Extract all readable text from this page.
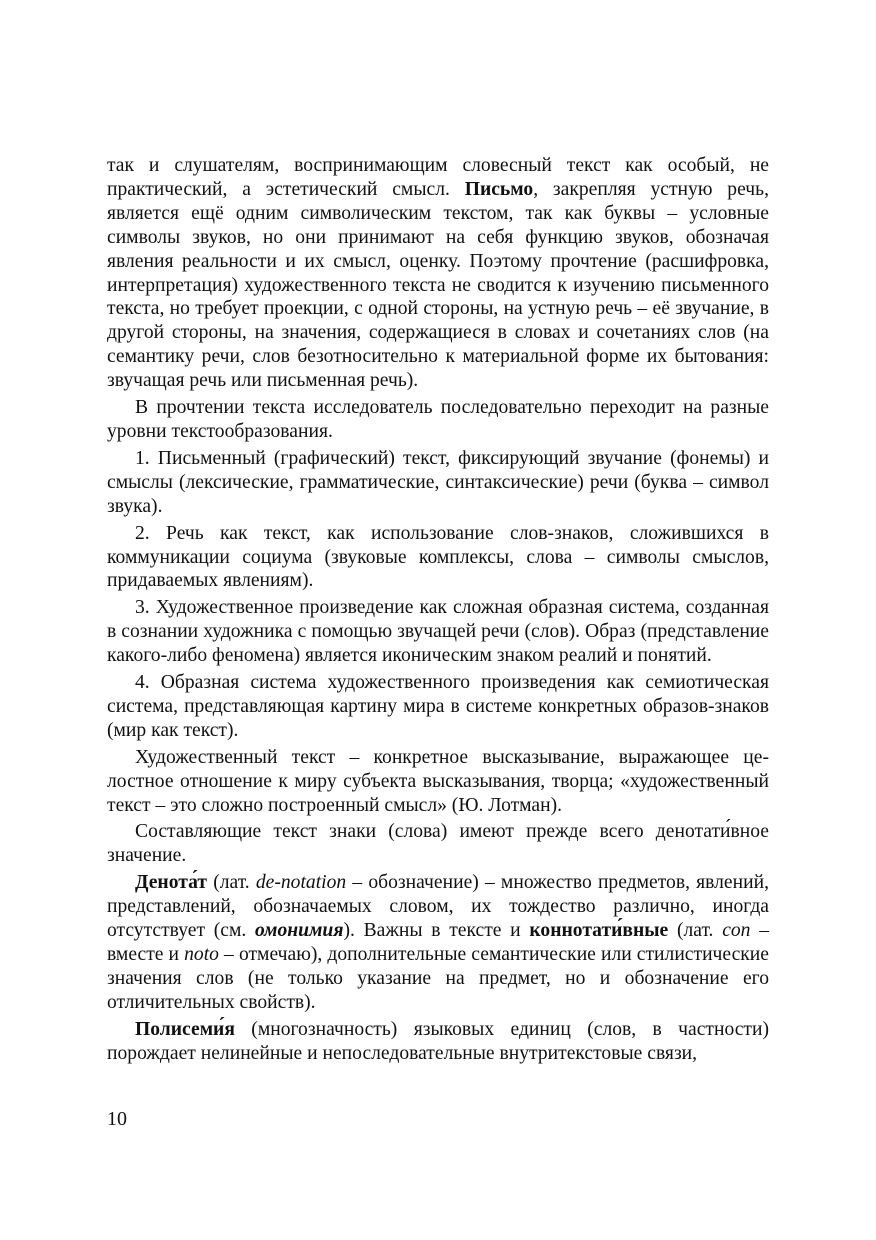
так и слушателям, воспринимающим словесный текст как особый, не практический, а эстетический смысл. Письмо, закрепляя устную речь, является ещё одним символическим текстом, так как буквы – условные символы звуков, но они принимают на себя функцию звуков, обозначая явления реальности и их смысл, оценку. Поэтому прочтение (расшифровка, интерпретация) художественного текста не сводится к изучению письменного текста, но требует проекции, с одной стороны, на устную речь – её звучание, в другой стороны, на значения, содержащиеся в словах и сочетаниях слов (на семантику речи, слов безотносительно к материальной форме их бытования: звучащая речь или письменная речь).

В прочтении текста исследователь последовательно переходит на разные уровни текстообразования.

1. Письменный (графический) текст, фиксирующий звучание (фонемы) и смыслы (лексические, грамматические, синтаксические) речи (буква – символ звука).

2. Речь как текст, как использование слов-знаков, сложившихся в коммуникации социума (звуковые комплексы, слова – символы смыслов, придаваемых явлениям).

3. Художественное произведение как сложная образная система, созданная в сознании художника с помощью звучащей речи (слов). Образ (представление какого-либо феномена) является иконическим знаком реалий и понятий.

4. Образная система художественного произведения как семиотическая система, представляющая картину мира в системе конкретных образов-знаков (мир как текст).

Художественный текст – конкретное высказывание, выражающее целостное отношение к миру субъекта высказывания, творца; «художественный текст – это сложно построенный смысл» (Ю. Лотман).

Составляющие текст знаки (слова) имеют прежде всего денотати́вное значение.

Денота́т (лат. de-notation – обозначение) – множество предметов, явлений, представлений, обозначаемых словом, их тождество различно, иногда отсутствует (см. омонимия). Важны в тексте и коннотати́вные (лат. con – вместе и noto – отмечаю), дополнительные семантические или стилистические значения слов (не только указание на предмет, но и обозначение его отличительных свойств).

Полисеми́я (многозначность) языковых единиц (слов, в частности) порождает нелинейные и непоследовательные внутритекстовые связи,

10
